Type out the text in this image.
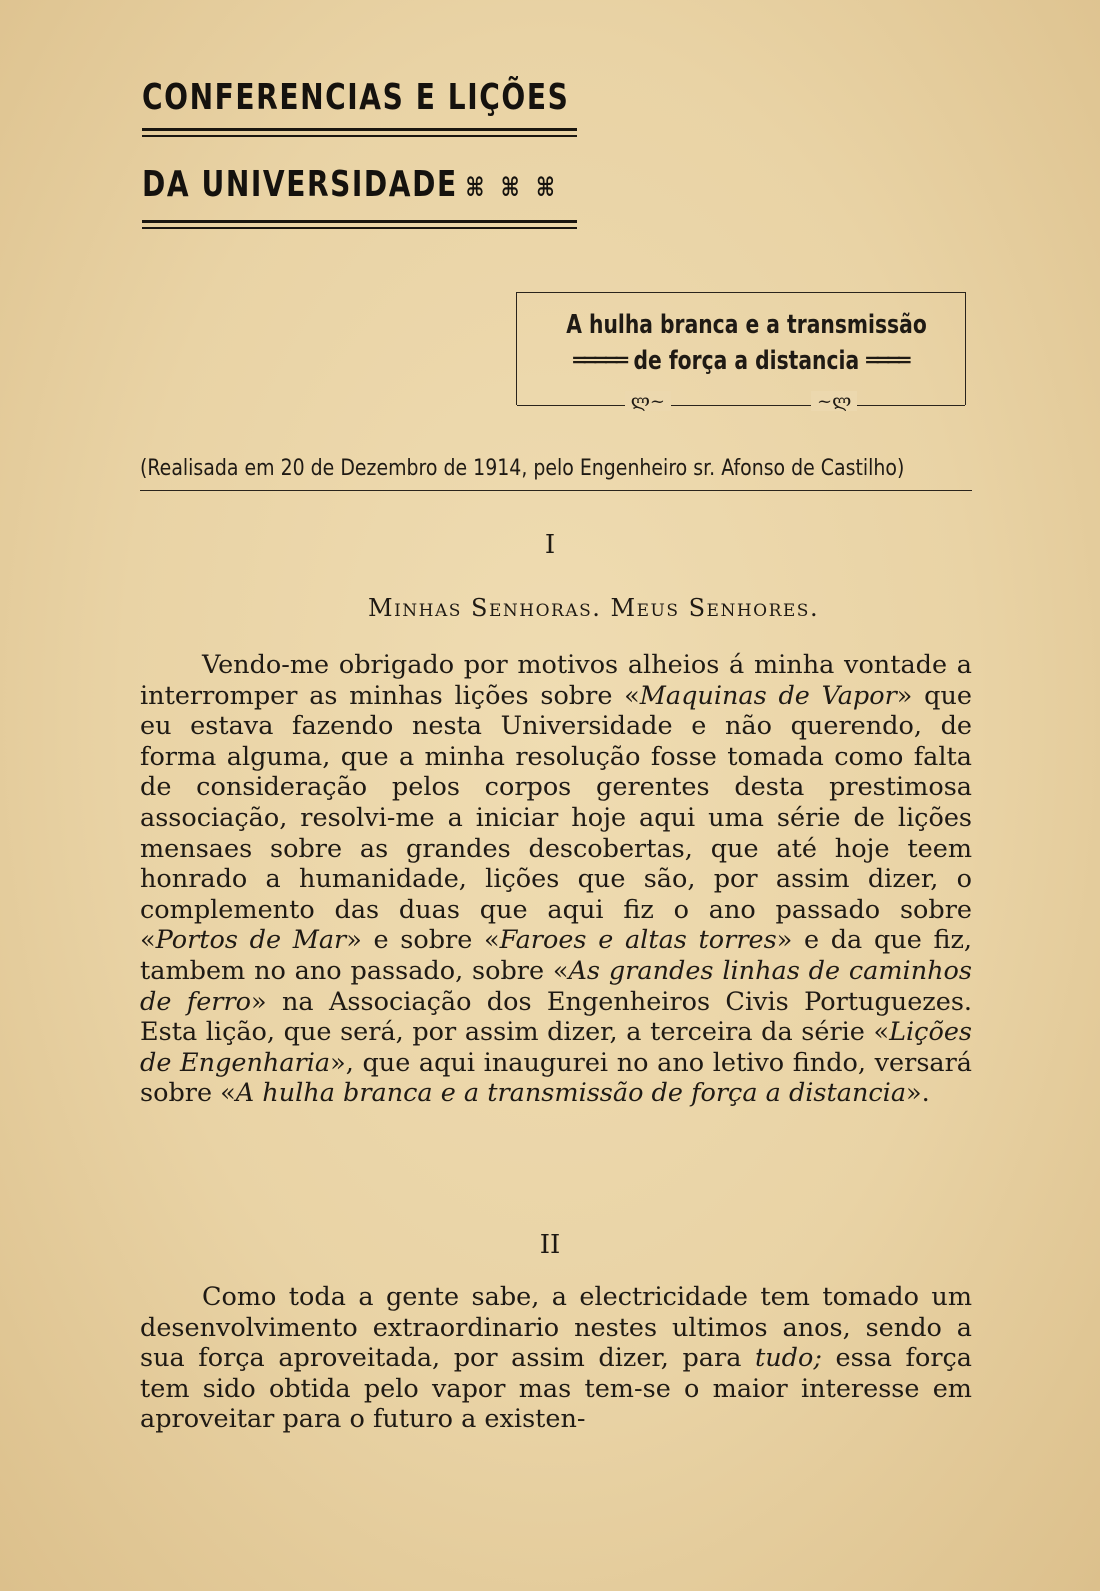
CONFERENCIAS E LIÇÕES

DA UNIVERSIDADE ⌘ ⌘ ⌘

A hulha branca e a transmissão

═════ de força a distancia ════

ლ~	~ლ
(Realisada em 20 de Dezembro de 1914, pelo Engenheiro sr. Afonso de Castilho)
I
Minhas Senhoras. Meus Senhores.

Vendo-me obrigado por motivos alheios á minha vontade a interromper as minhas lições sobre «Maquinas de Vapor» que eu estava fazendo nesta Universidade e não querendo, de forma alguma, que a minha resolução fosse tomada como falta de consideração pelos corpos gerentes desta prestimosa associação, resolvi-me a iniciar hoje aqui uma série de lições mensaes sobre as grandes descobertas, que até hoje teem honrado a humanidade, lições que são, por assim dizer, o complemento das duas que aqui fiz o ano passado sobre «Portos de Mar» e sobre «Faroes e altas torres» e da que fiz, tambem no ano passado, sobre «As grandes linhas de caminhos de ferro» na Associação dos Engenheiros Civis Portuguezes. Esta lição, que será, por assim dizer, a terceira da série «Lições de Engenharia», que aqui inaugurei no ano letivo findo, versará sobre «A hulha branca e a transmissão de força a distancia».

II

Como toda a gente sabe, a electricidade tem tomado um desenvolvimento extraordinario nestes ultimos anos, sendo a sua força aproveitada, por assim dizer, para tudo; essa força tem sido obtida pelo vapor mas tem-se o maior interesse em aproveitar para o futuro a existen-
